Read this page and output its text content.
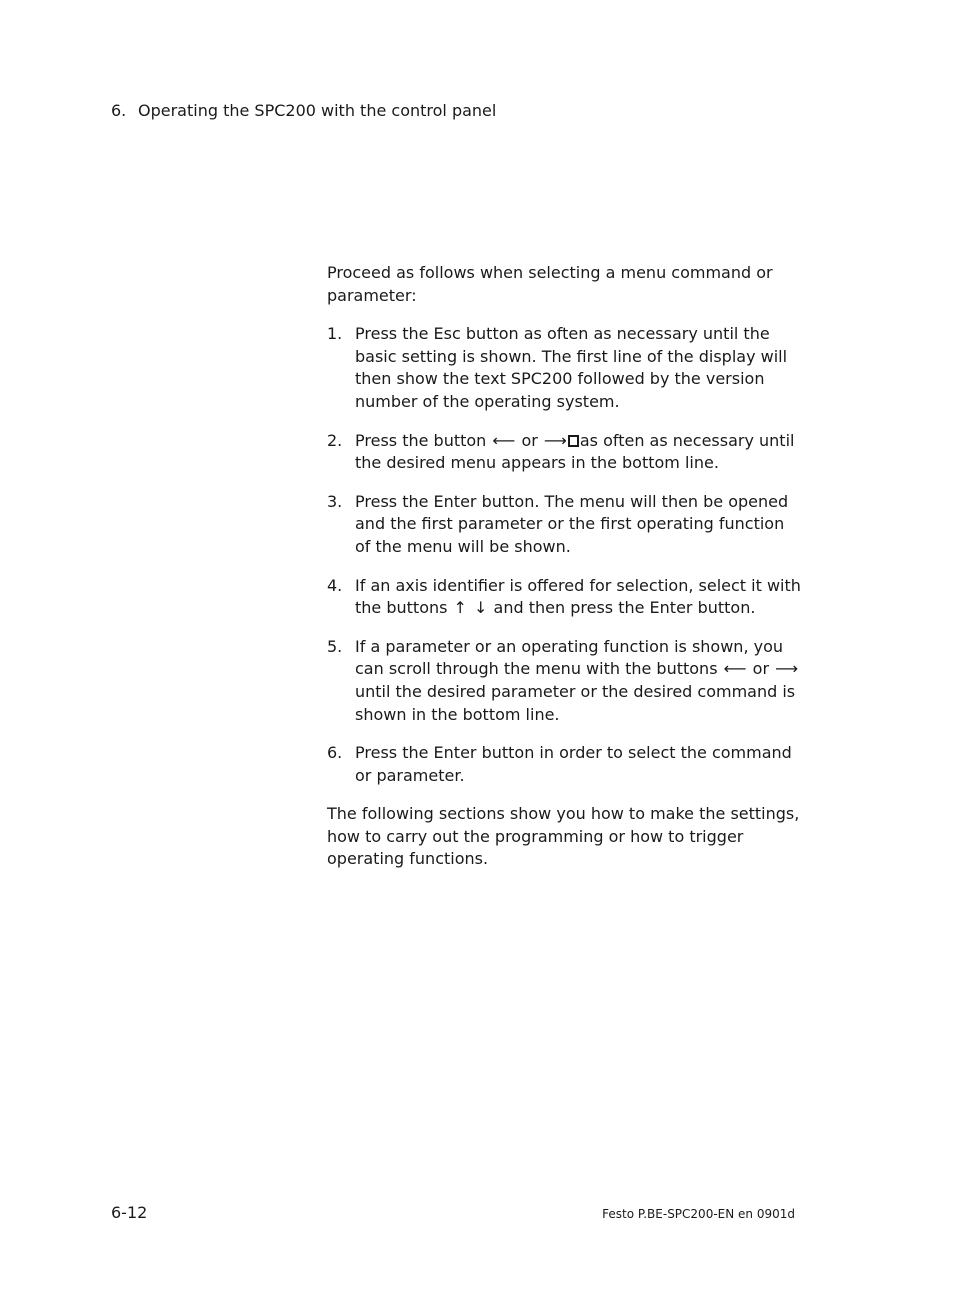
6. Operating the SPC200 with the control panel

Proceed as follows when selecting a menu command or parameter:

1. Press the Esc button as often as necessary until the basic setting is shown. The first line of the display will then show the text SPC200 followed by the version number of the operating system.
2. Press the button ⟵ or ⟶ as often as necessary until the desired menu appears in the bottom line.
3. Press the Enter button. The menu will then be opened and the first parameter or the first operating function of the menu will be shown.
4. If an axis identifier is offered for selection, select it with the buttons ↑ ↓ and then press the Enter button.
5. If a parameter or an operating function is shown, you can scroll through the menu with the buttons ⟵ or ⟶ until the desired parameter or the desired command is shown in the bottom line.
6. Press the Enter button in order to select the command or parameter.

The following sections show you how to make the settings, how to carry out the programming or how to trigger operating functions.

6-12	Festo P.BE-SPC200-EN en 0901d
